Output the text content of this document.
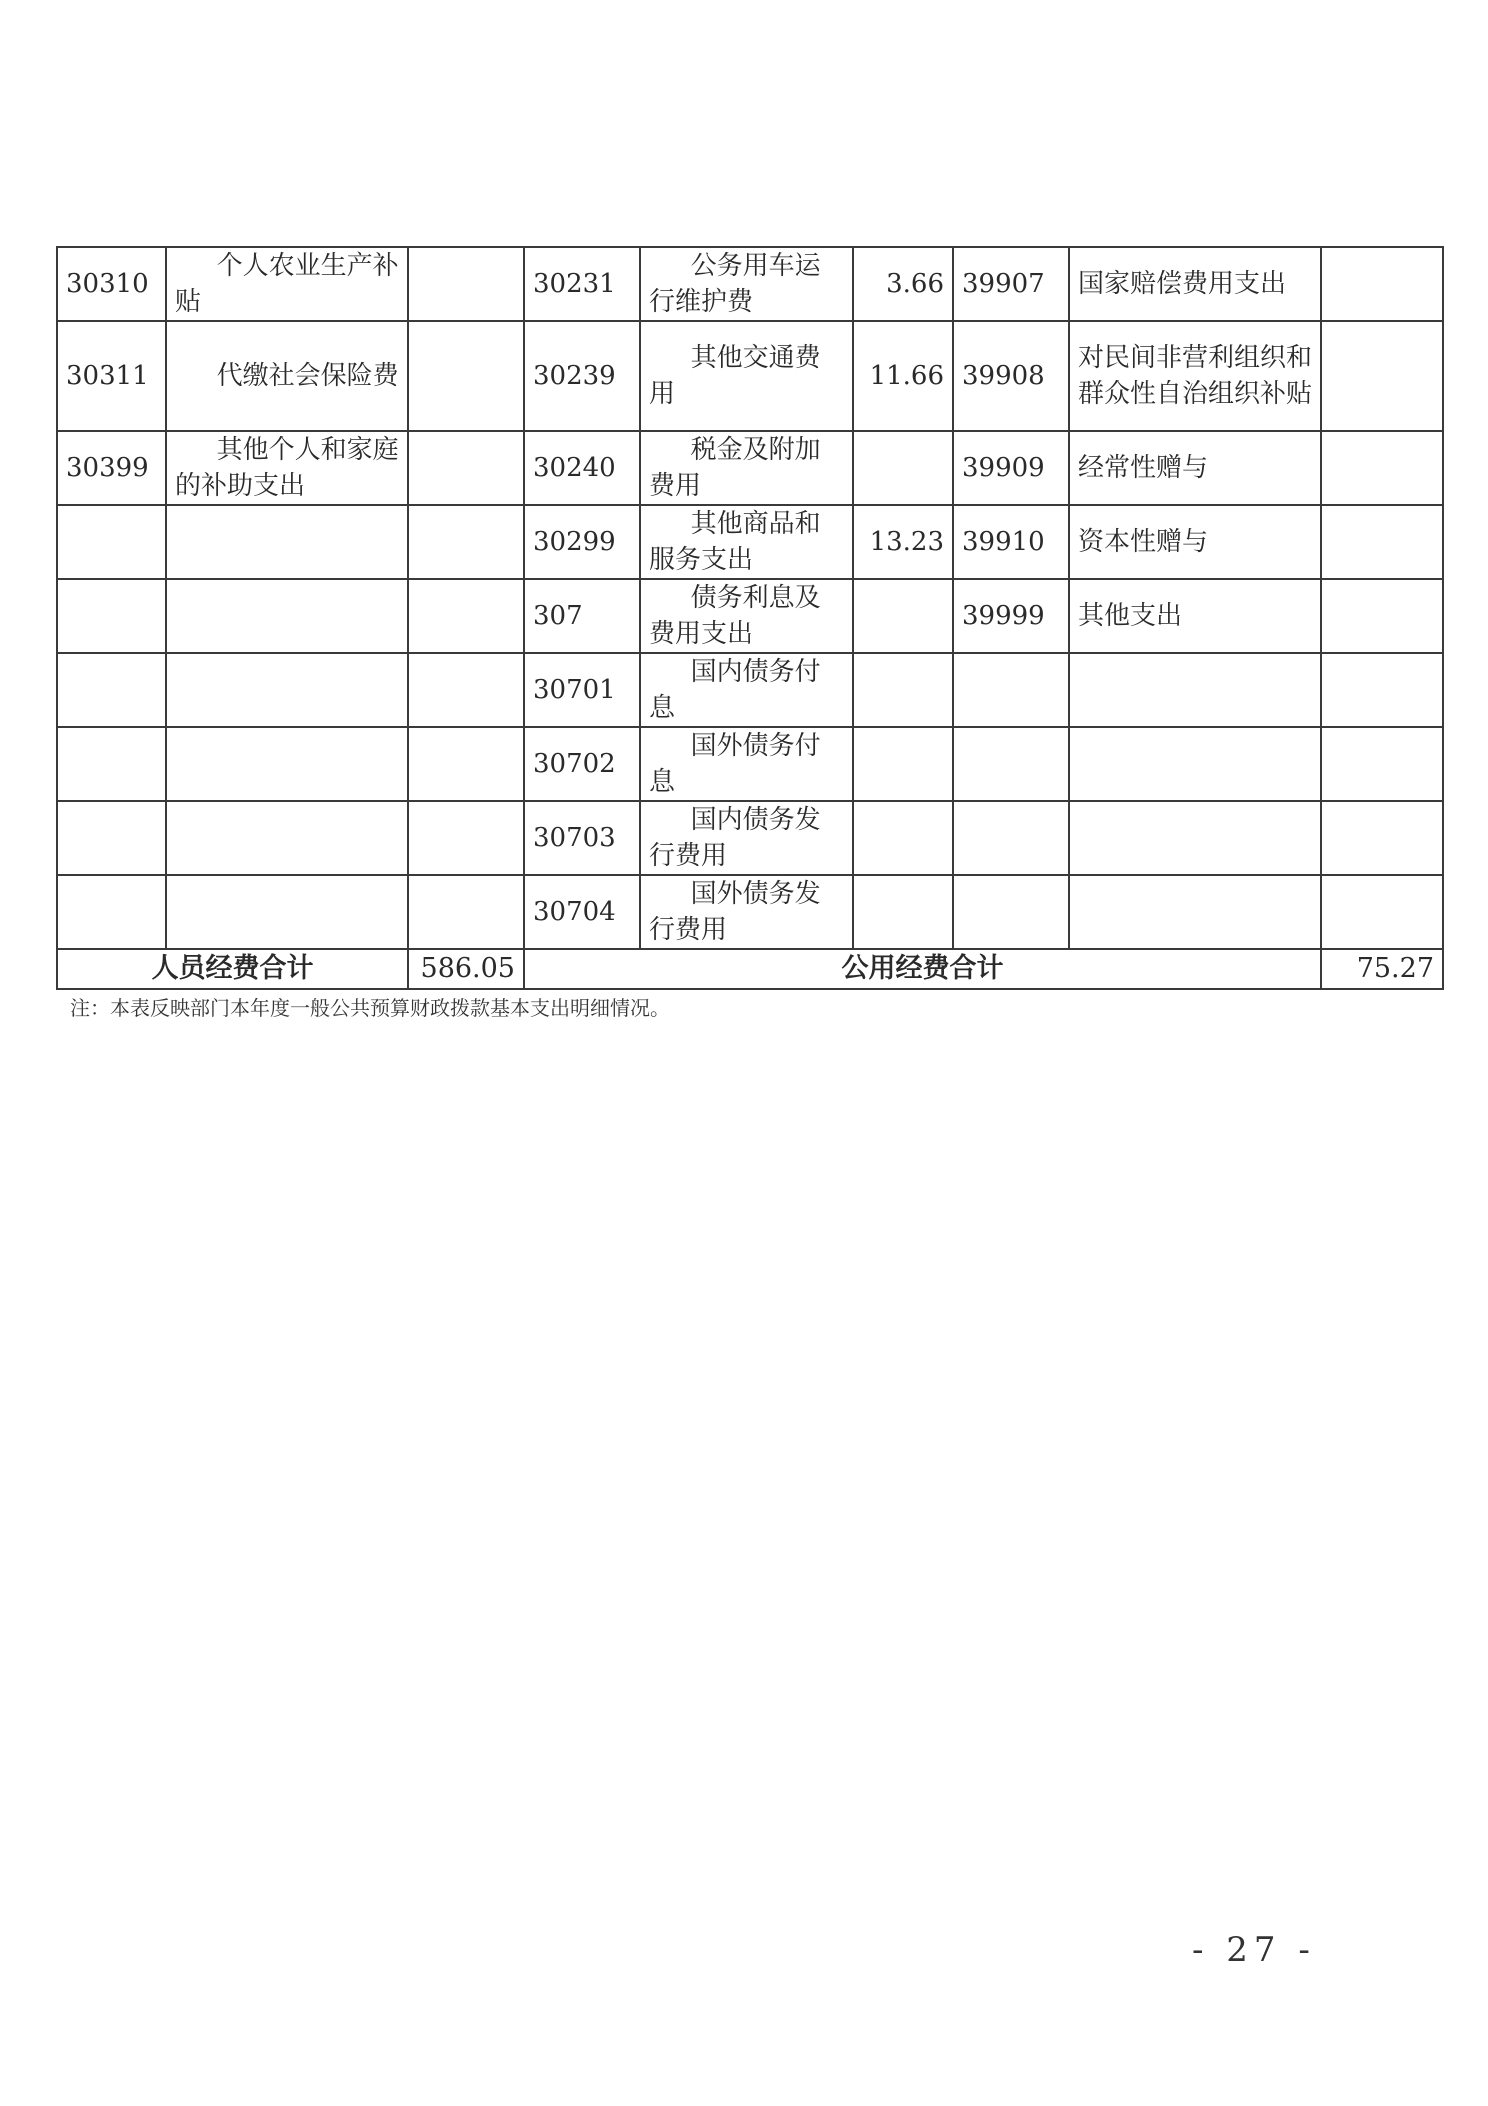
30310	个人农业生产补贴		30231	公务用车运行维护费	3.66	39907	国家赔偿费用支出	
30311	代缴社会保险费		30239	其他交通费用	11.66	39908	对民间非营利组织和群众性自治组织补贴	
30399	其他个人和家庭的补助支出		30240	税金及附加费用		39909	经常性赠与	
			30299	其他商品和服务支出	13.23	39910	资本性赠与	
			307	债务利息及费用支出		39999	其他支出	
			30701	国内债务付息				
			30702	国外债务付息				
			30703	国内债务发行费用				
			30704	国外债务发行费用				
人员经费合计		586.05	公用经费合计					75.27
注：本表反映部门本年度一般公共预算财政拨款基本支出明细情况。
- 27 -
